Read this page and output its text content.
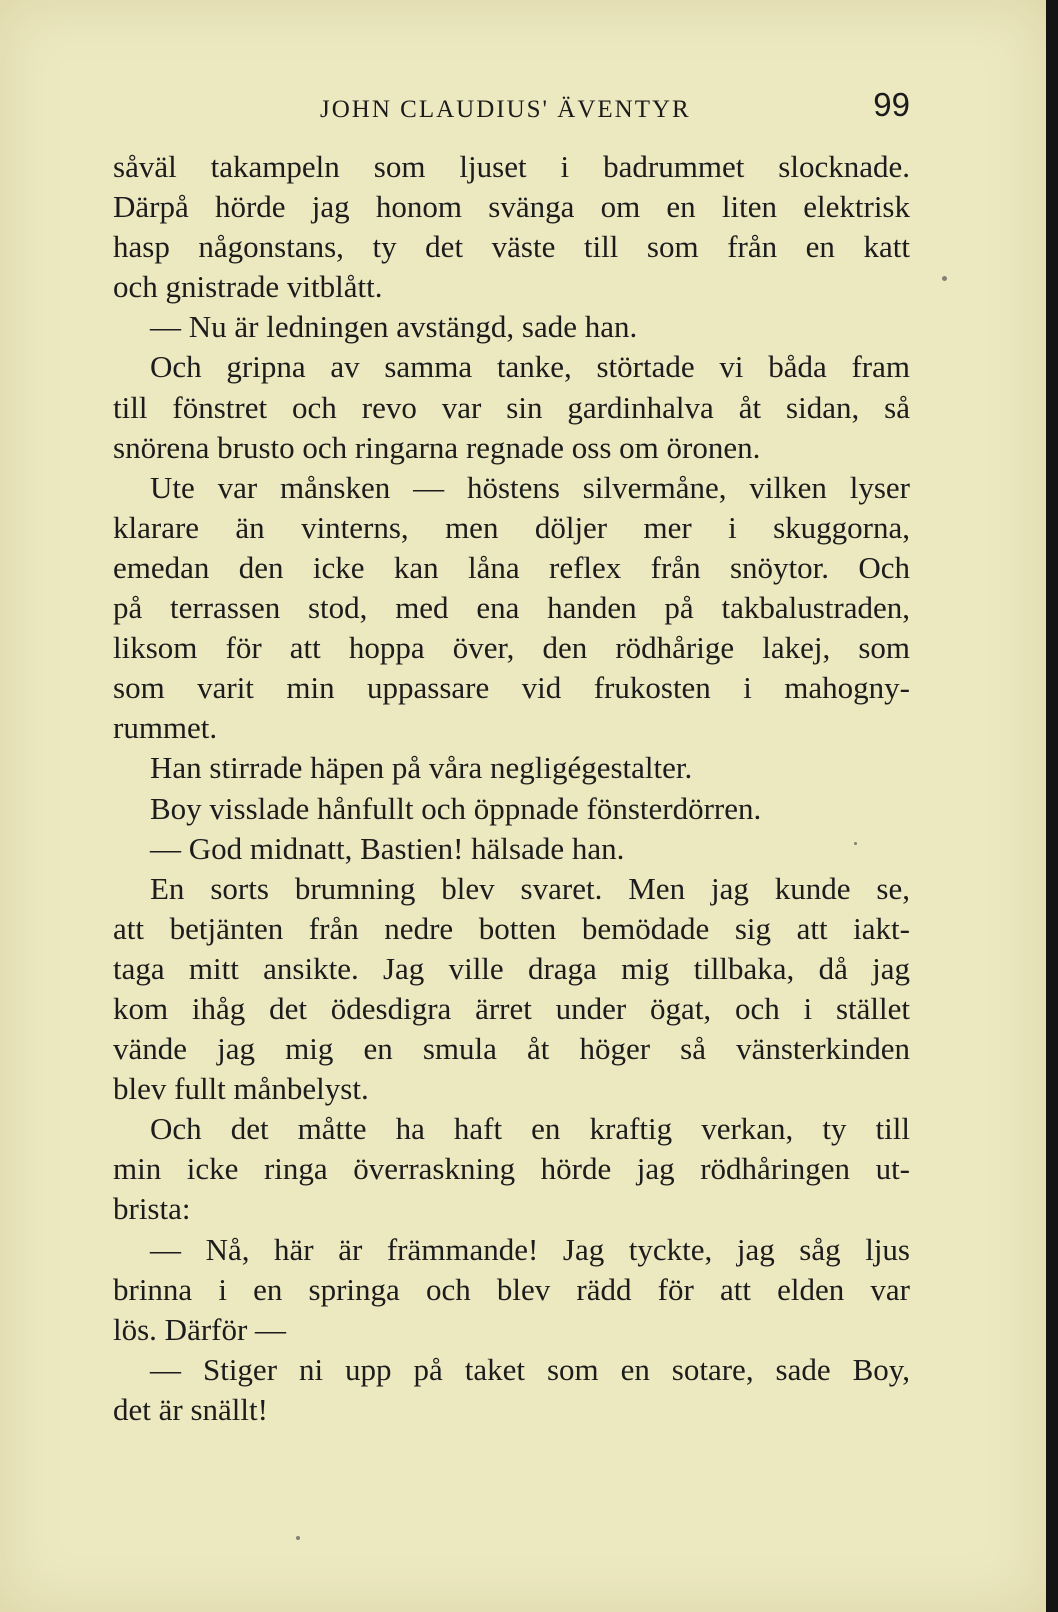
JOHN CLAUDIUS' ÄVENTYR	99
såväl takampeln som ljuset i badrummet slocknade.
Därpå hörde jag honom svänga om en liten elektrisk
hasp någonstans, ty det väste till som från en katt
och gnistrade vitblått.
— Nu är ledningen avstängd, sade han.
Och gripna av samma tanke, störtade vi båda fram
till fönstret och revo var sin gardinhalva åt sidan, så
snörena brusto och ringarna regnade oss om öronen.
Ute var månsken — höstens silvermåne, vilken lyser
klarare än vinterns, men döljer mer i skuggorna,
emedan den icke kan låna reflex från snöytor. Och
på terrassen stod, med ena handen på takbalustraden,
liksom för att hoppa över, den rödhårige lakej, som
som varit min uppassare vid frukosten i mahogny-
rummet.
Han stirrade häpen på våra negligégestalter.
Boy visslade hånfullt och öppnade fönsterdörren.
— God midnatt, Bastien! hälsade han.
En sorts brumning blev svaret. Men jag kunde se,
att betjänten från nedre botten bemödade sig att iakt-
taga mitt ansikte. Jag ville draga mig tillbaka, då jag
kom ihåg det ödesdigra ärret under ögat, och i stället
vände jag mig en smula åt höger så vänsterkinden
blev fullt månbelyst.
Och det måtte ha haft en kraftig verkan, ty till
min icke ringa överraskning hörde jag rödhåringen ut-
brista:
— Nå, här är främmande! Jag tyckte, jag såg ljus
brinna i en springa och blev rädd för att elden var
lös. Därför —
— Stiger ni upp på taket som en sotare, sade Boy,
det är snällt!
